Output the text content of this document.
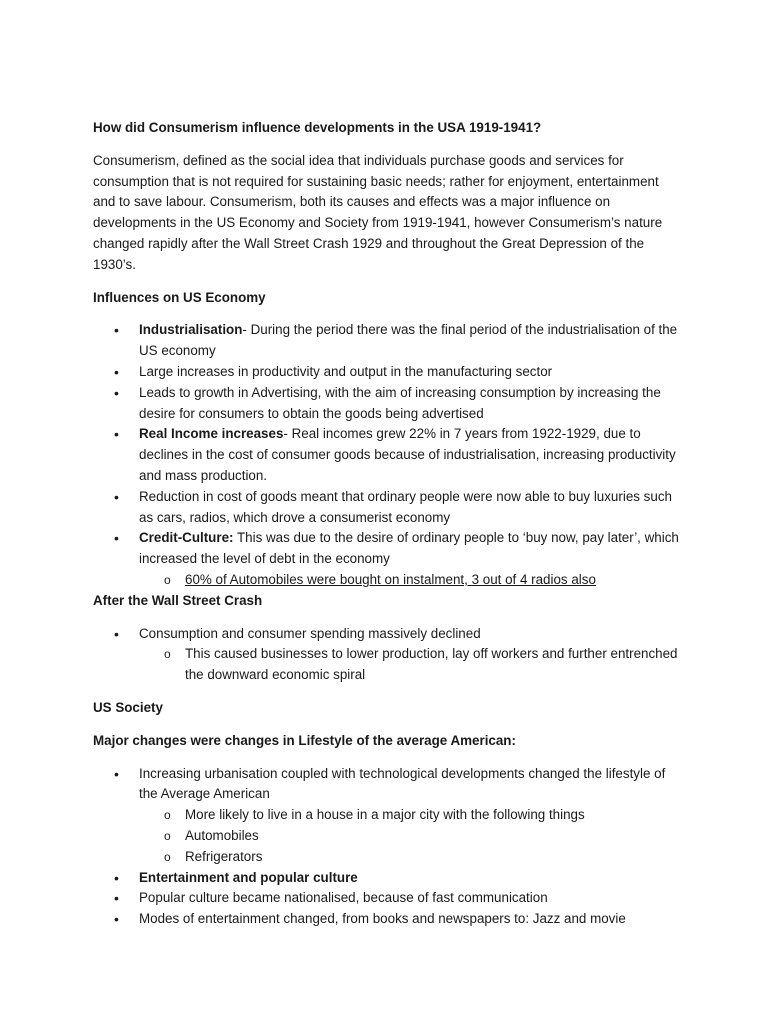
How did Consumerism influence developments in the USA 1919-1941?

Consumerism, defined as the social idea that individuals purchase goods and services for consumption that is not required for sustaining basic needs; rather for enjoyment, entertainment and to save labour. Consumerism, both its causes and effects was a major influence on developments in the US Economy and Society from 1919-1941, however Consumerism’s nature changed rapidly after the Wall Street Crash 1929 and throughout the Great Depression of the 1930’s.

Influences on US Economy

• Industrialisation- During the period there was the final period of the industrialisation of the US economy
• Large increases in productivity and output in the manufacturing sector
• Leads to growth in Advertising, with the aim of increasing consumption by increasing the desire for consumers to obtain the goods being advertised
• Real Income increases- Real incomes grew 22% in 7 years from 1922-1929, due to declines in the cost of consumer goods because of industrialisation, increasing productivity and mass production.
• Reduction in cost of goods meant that ordinary people were now able to buy luxuries such as cars, radios, which drove a consumerist economy
• Credit-Culture: This was due to the desire of ordinary people to ‘buy now, pay later’, which increased the level of debt in the economy
o 60% of Automobiles were bought on instalment, 3 out of 4 radios also

After the Wall Street Crash

• Consumption and consumer spending massively declined
o This caused businesses to lower production, lay off workers and further entrenched the downward economic spiral

US Society

Major changes were changes in Lifestyle of the average American:

• Increasing urbanisation coupled with technological developments changed the lifestyle of the Average American
o More likely to live in a house in a major city with the following things
o Automobiles
o Refrigerators
• Entertainment and popular culture
• Popular culture became nationalised, because of fast communication
• Modes of entertainment changed, from books and newspapers to: Jazz and movie
